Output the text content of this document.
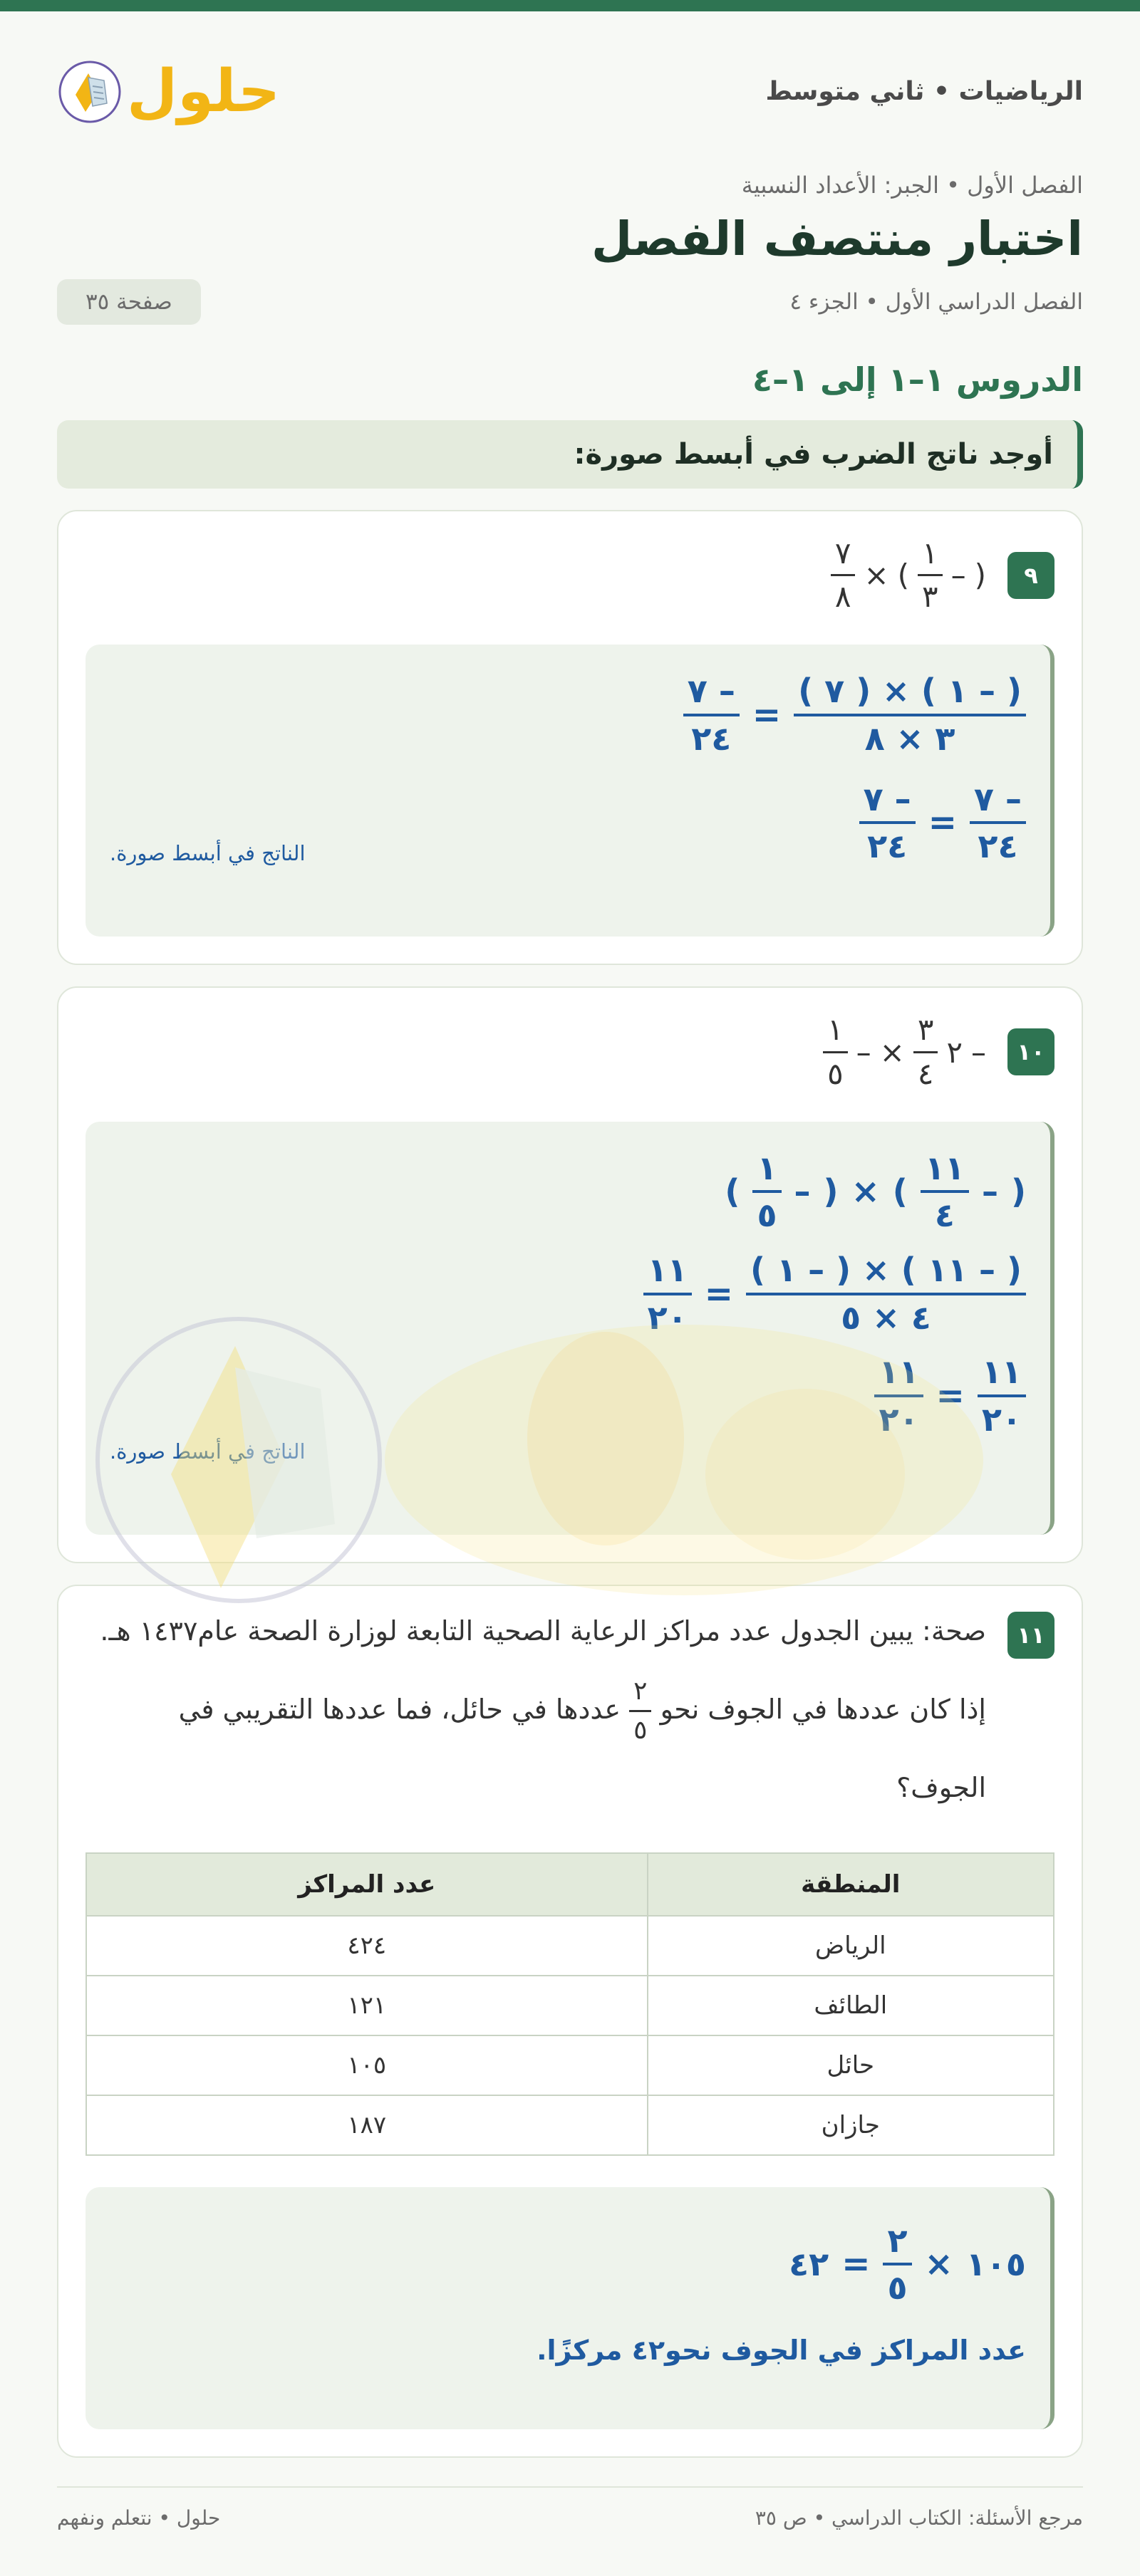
الرياضيات • ثاني متوسط
حلول
الفصل الأول • الجبر: الأعداد النسبية
اختبار منتصف الفصل
الفصل الدراسي الأول • الجزء ٤
صفحة ٣٥
الدروس ١–١ إلى ١–٤
أوجد ناتج الضرب في أبسط صورة:
٩
(
–
$\frac{١}{٣}$
)
×
$\frac{٧}{٨}$
$\frac{( - ١ ) \times ( ٧ )}{٣ \times ٨}$
=
$\frac{- ٧}{٢٤}$
$\frac{- ٧}{٢٤}$
=
$\frac{- ٧}{٢٤}$
الناتج في أبسط صورة.
١٠
–
٢
$\frac{٣}{٤}$
×
–
$\frac{١}{٥}$
(
–
$\frac{١١}{٤}$
)
×
(
–
$\frac{١}{٥}$
)
$\frac{( - ١١ ) \times ( - ١ )}{٤ \times ٥}$
=
$\frac{١١}{٢٠}$
$\frac{١١}{٢٠}$
=
$\frac{١١}{٢٠}$
الناتج في أبسط صورة.
١١
صحة: يبين الجدول عدد مراكز الرعاية الصحية التابعة لوزارة الصحة عام١٤٣٧ هـ. إذا كان عددها في الجوف نحو
$\frac{٢}{٥}$
عددها في حائل، فما عددها التقريبي في الجوف؟
المنطقة	عدد المراكز
الرياض	٤٢٤
الطائف	١٢١
حائل	١٠٥
جازان	١٨٧
١٠٥
×
$\frac{٢}{٥}$
=
٤٢
عدد المراكز في الجوف نحو٤٢ مركزًا.
مرجع الأسئلة: الكتاب الدراسي • ص ٣٥
حلول • نتعلم ونفهم
